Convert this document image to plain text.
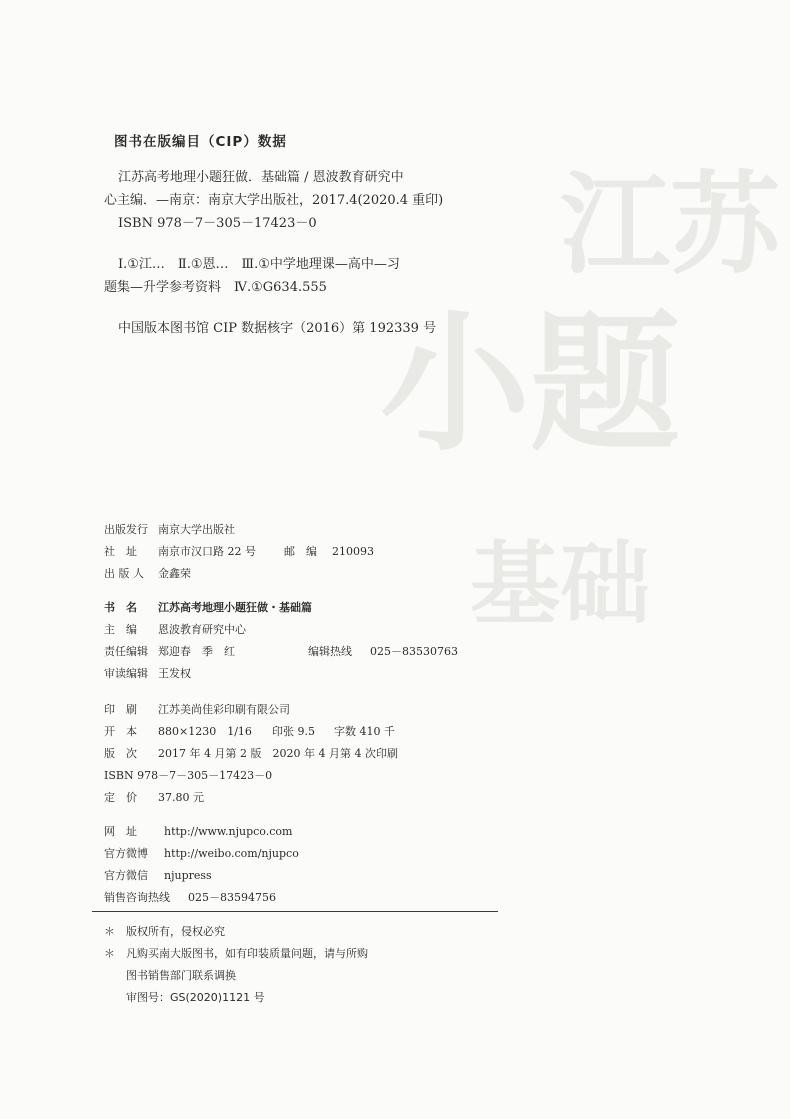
江苏
小题
基础
图书在版编目（CIP）数据

江苏高考地理小题狂做．基础篇 / 恩波教育研究中

心主编．—南京：南京大学出版社，2017.4(2020.4 重印)

ISBN 978－7－305－17423－0

Ⅰ.①江…　Ⅱ.①恩…　Ⅲ.①中学地理课—高中—习

题集—升学参考资料　Ⅳ.①G634.555

中国版本图书馆 CIP 数据核字（2016）第 192339 号

出版发行 南京大学出版社
社　址	南京市汉口路 22 号	邮　编	210093
出 版 人	金鑫荣
书　名	江苏高考地理小题狂做・基础篇
主　编	恩波教育研究中心
责任编辑 郑迎春　季　红	编辑热线	025－83530763
审读编辑 王发权
印　刷	江苏美尚佳彩印刷有限公司
开　本	880×1230　1/16	印张 9.5	字数 410 千
版　次	2017 年 4 月第 2 版　2020 年 4 月第 4 次印刷
ISBN 978－7－305－17423－0
定　价	37.80 元
网　址	http://www.njupco.com
官方微博	http://weibo.com/njupco
官方微信	njupress
销售咨询热线	025－83594756
＊	版权所有，侵权必究
＊	凡购买南大版图书，如有印装质量问题，请与所购
图书销售部门联系调换
审图号：GS(2020)1121 号
